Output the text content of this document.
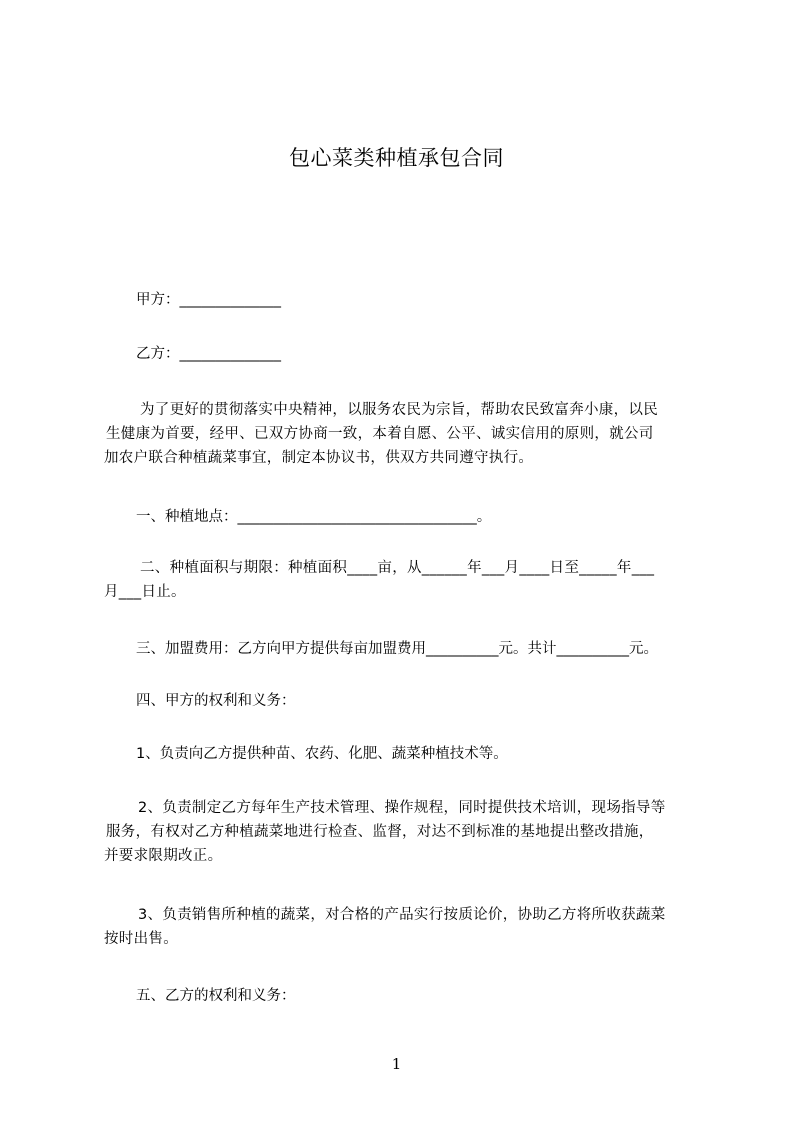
包心菜类种植承包合同
甲方：______________
乙方：______________
为了更好的贯彻落实中央精神，以服务农民为宗旨，帮助农民致富奔小康，以民
生健康为首要，经甲、已双方协商一致，本着自愿、公平、诚实信用的原则，就公司
加农户联合种植蔬菜事宜，制定本协议书，供双方共同遵守执行。
一、种植地点：_________________________________。
二、种植面积与期限：种植面积____亩，从______年___月____日至_____年___
月___日止。
三、加盟费用：乙方向甲方提供每亩加盟费用__________元。共计__________元。
四、甲方的权利和义务：
1、负责向乙方提供种苗、农药、化肥、蔬菜种植技术等。
2、负责制定乙方每年生产技术管理、操作规程，同时提供技术培训，现场指导等
服务，有权对乙方种植蔬菜地进行检查、监督，对达不到标准的基地提出整改措施，
并要求限期改正。
3、负责销售所种植的蔬菜，对合格的产品实行按质论价，协助乙方将所收获蔬菜
按时出售。
五、乙方的权利和义务：
1
